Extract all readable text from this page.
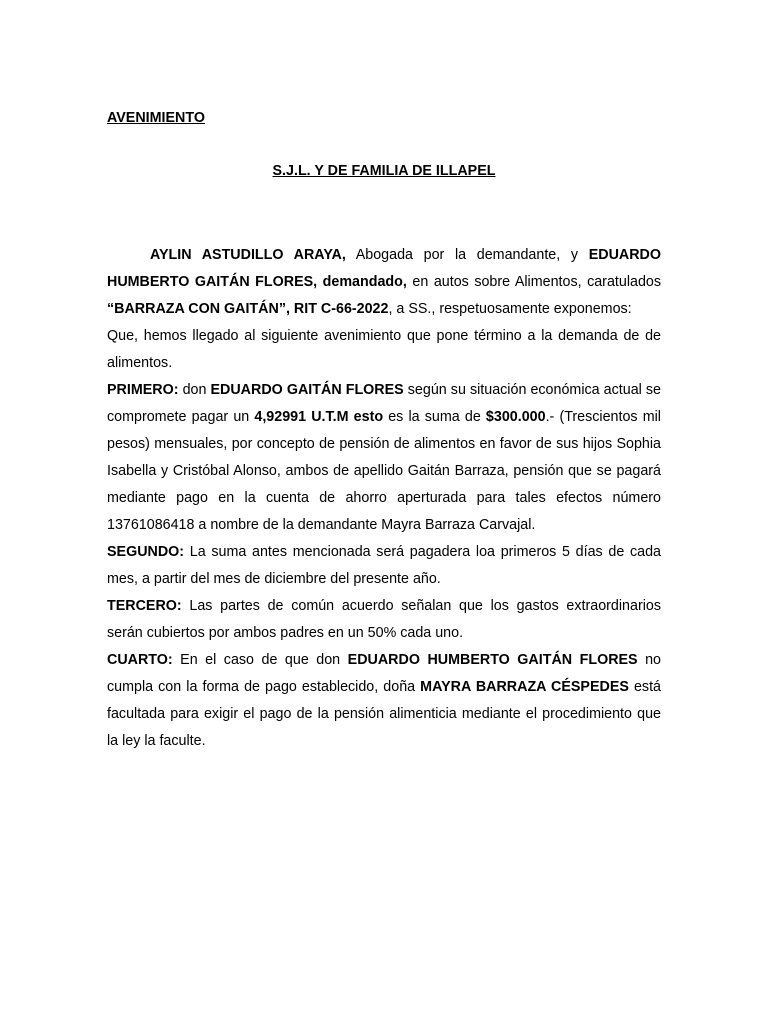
AVENIMIENTO

S.J.L. Y DE FAMILIA DE ILLAPEL

AYLIN ASTUDILLO ARAYA, Abogada por la demandante, y EDUARDO HUMBERTO GAITÁN FLORES, demandado, en autos sobre Alimentos, caratulados “BARRAZA CON GAITÁN”, RIT C-66-2022, a SS., respetuosamente exponemos:

Que, hemos llegado al siguiente avenimiento que pone término a la demanda de de alimentos.

PRIMERO: don EDUARDO GAITÁN FLORES según su situación económica actual se compromete pagar un 4,92991 U.T.M esto es la suma de $300.000.- (Trescientos mil pesos) mensuales, por concepto de pensión de alimentos en favor de sus hijos Sophia Isabella y Cristóbal Alonso, ambos de apellido Gaitán Barraza, pensión que se pagará mediante pago en la cuenta de ahorro aperturada para tales efectos número 13761086418 a nombre de la demandante Mayra Barraza Carvajal.

SEGUNDO: La suma antes mencionada será pagadera loa primeros 5 días de cada mes, a partir del mes de diciembre del presente año.

TERCERO: Las partes de común acuerdo señalan que los gastos extraordinarios serán cubiertos por ambos padres en un 50% cada uno.

CUARTO: En el caso de que don EDUARDO HUMBERTO GAITÁN FLORES no cumpla con la forma de pago establecido, doña MAYRA BARRAZA CÉSPEDES está facultada para exigir el pago de la pensión alimenticia mediante el procedimiento que la ley la faculte.
